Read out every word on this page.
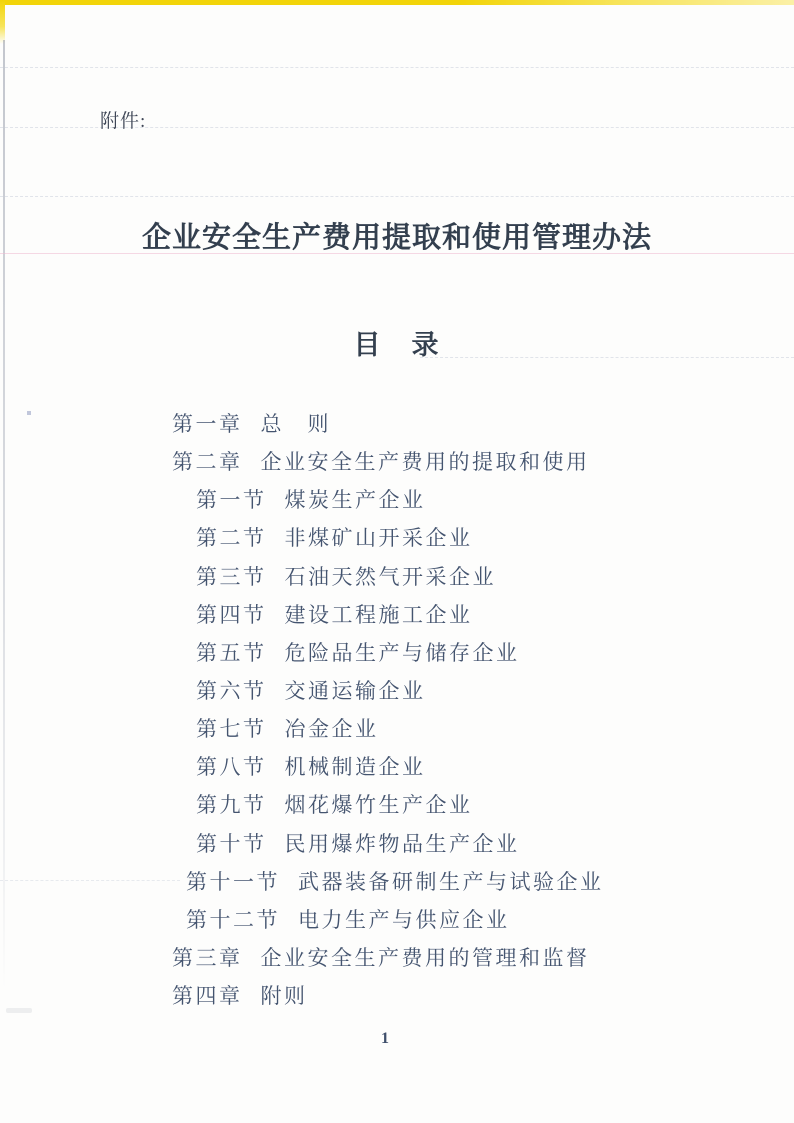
附件:
企业安全生产费用提取和使用管理办法
目　录
第一章 总　则
第二章 企业安全生产费用的提取和使用
第一节 煤炭生产企业
第二节 非煤矿山开采企业
第三节 石油天然气开采企业
第四节 建设工程施工企业
第五节 危险品生产与储存企业
第六节 交通运输企业
第七节 冶金企业
第八节 机械制造企业
第九节 烟花爆竹生产企业
第十节 民用爆炸物品生产企业
第十一节 武器装备研制生产与试验企业
第十二节 电力生产与供应企业
第三章 企业安全生产费用的管理和监督
第四章 附则
1
